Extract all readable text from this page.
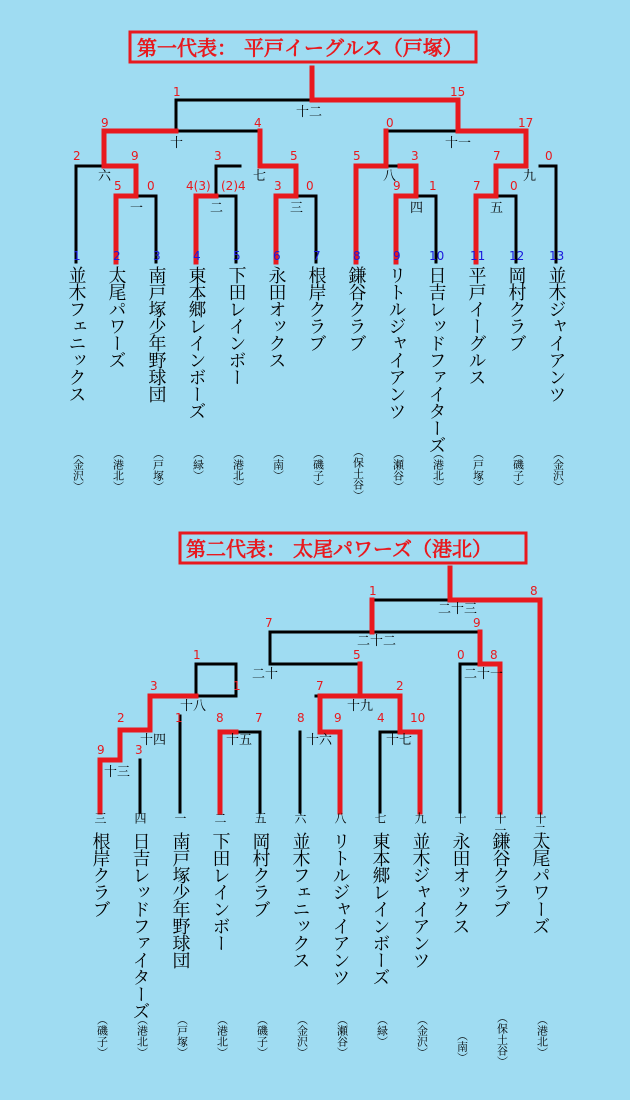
第一代表： 平戸イーグルス（戸塚）
1	15
9	4	0	17
2	9
5 0
3	5	5	3	7	0
4(3) (2)4 3 0	9 1	7 0
一	二	三	四	五
六	七	八	九
十	十一
十二
1	2	3	4	5	6	7	8	9 10 11 12 13
並木フェニックス 太尾パワーズ 南戸塚少年野球団 東本郷レインボーズ 下田レインボー 永田オックス 根岸クラブ 鎌谷クラブ リトルジャイアンツ 日吉レッドファイターズ 平戸イーグルス 岡村クラブ 並木ジャイアンツ
（金沢） （港北） （戸塚） （緑） （港北） （南） （磯子） （保土谷） （瀬谷） （港北） （戸塚） （磯子） （金沢）
第二代表： 太尾パワーズ（港北）
1	8
7	9
1	5	0 8
3	1	7	2
2	1	8	7	8 9	4 10
9	3
十三
十四	十五	十六	十七
十八	十九
二十	二十一
二十二
二十三
三 四 一 二 五 六 八 七 九 十 十一 十二
根岸クラブ 日吉レッドファイターズ 南戸塚少年野球団 下田レインボー 岡村クラブ 並木フェニックス リトルジャイアンツ 東本郷レインボーズ 並木ジャイアンツ 永田オックス 鎌谷クラブ 太尾パワーズ
（磯子） （港北） （戸塚） （港北） （磯子） （金沢） （瀬谷） （緑） （金沢） （南） （保土谷） （港北）
